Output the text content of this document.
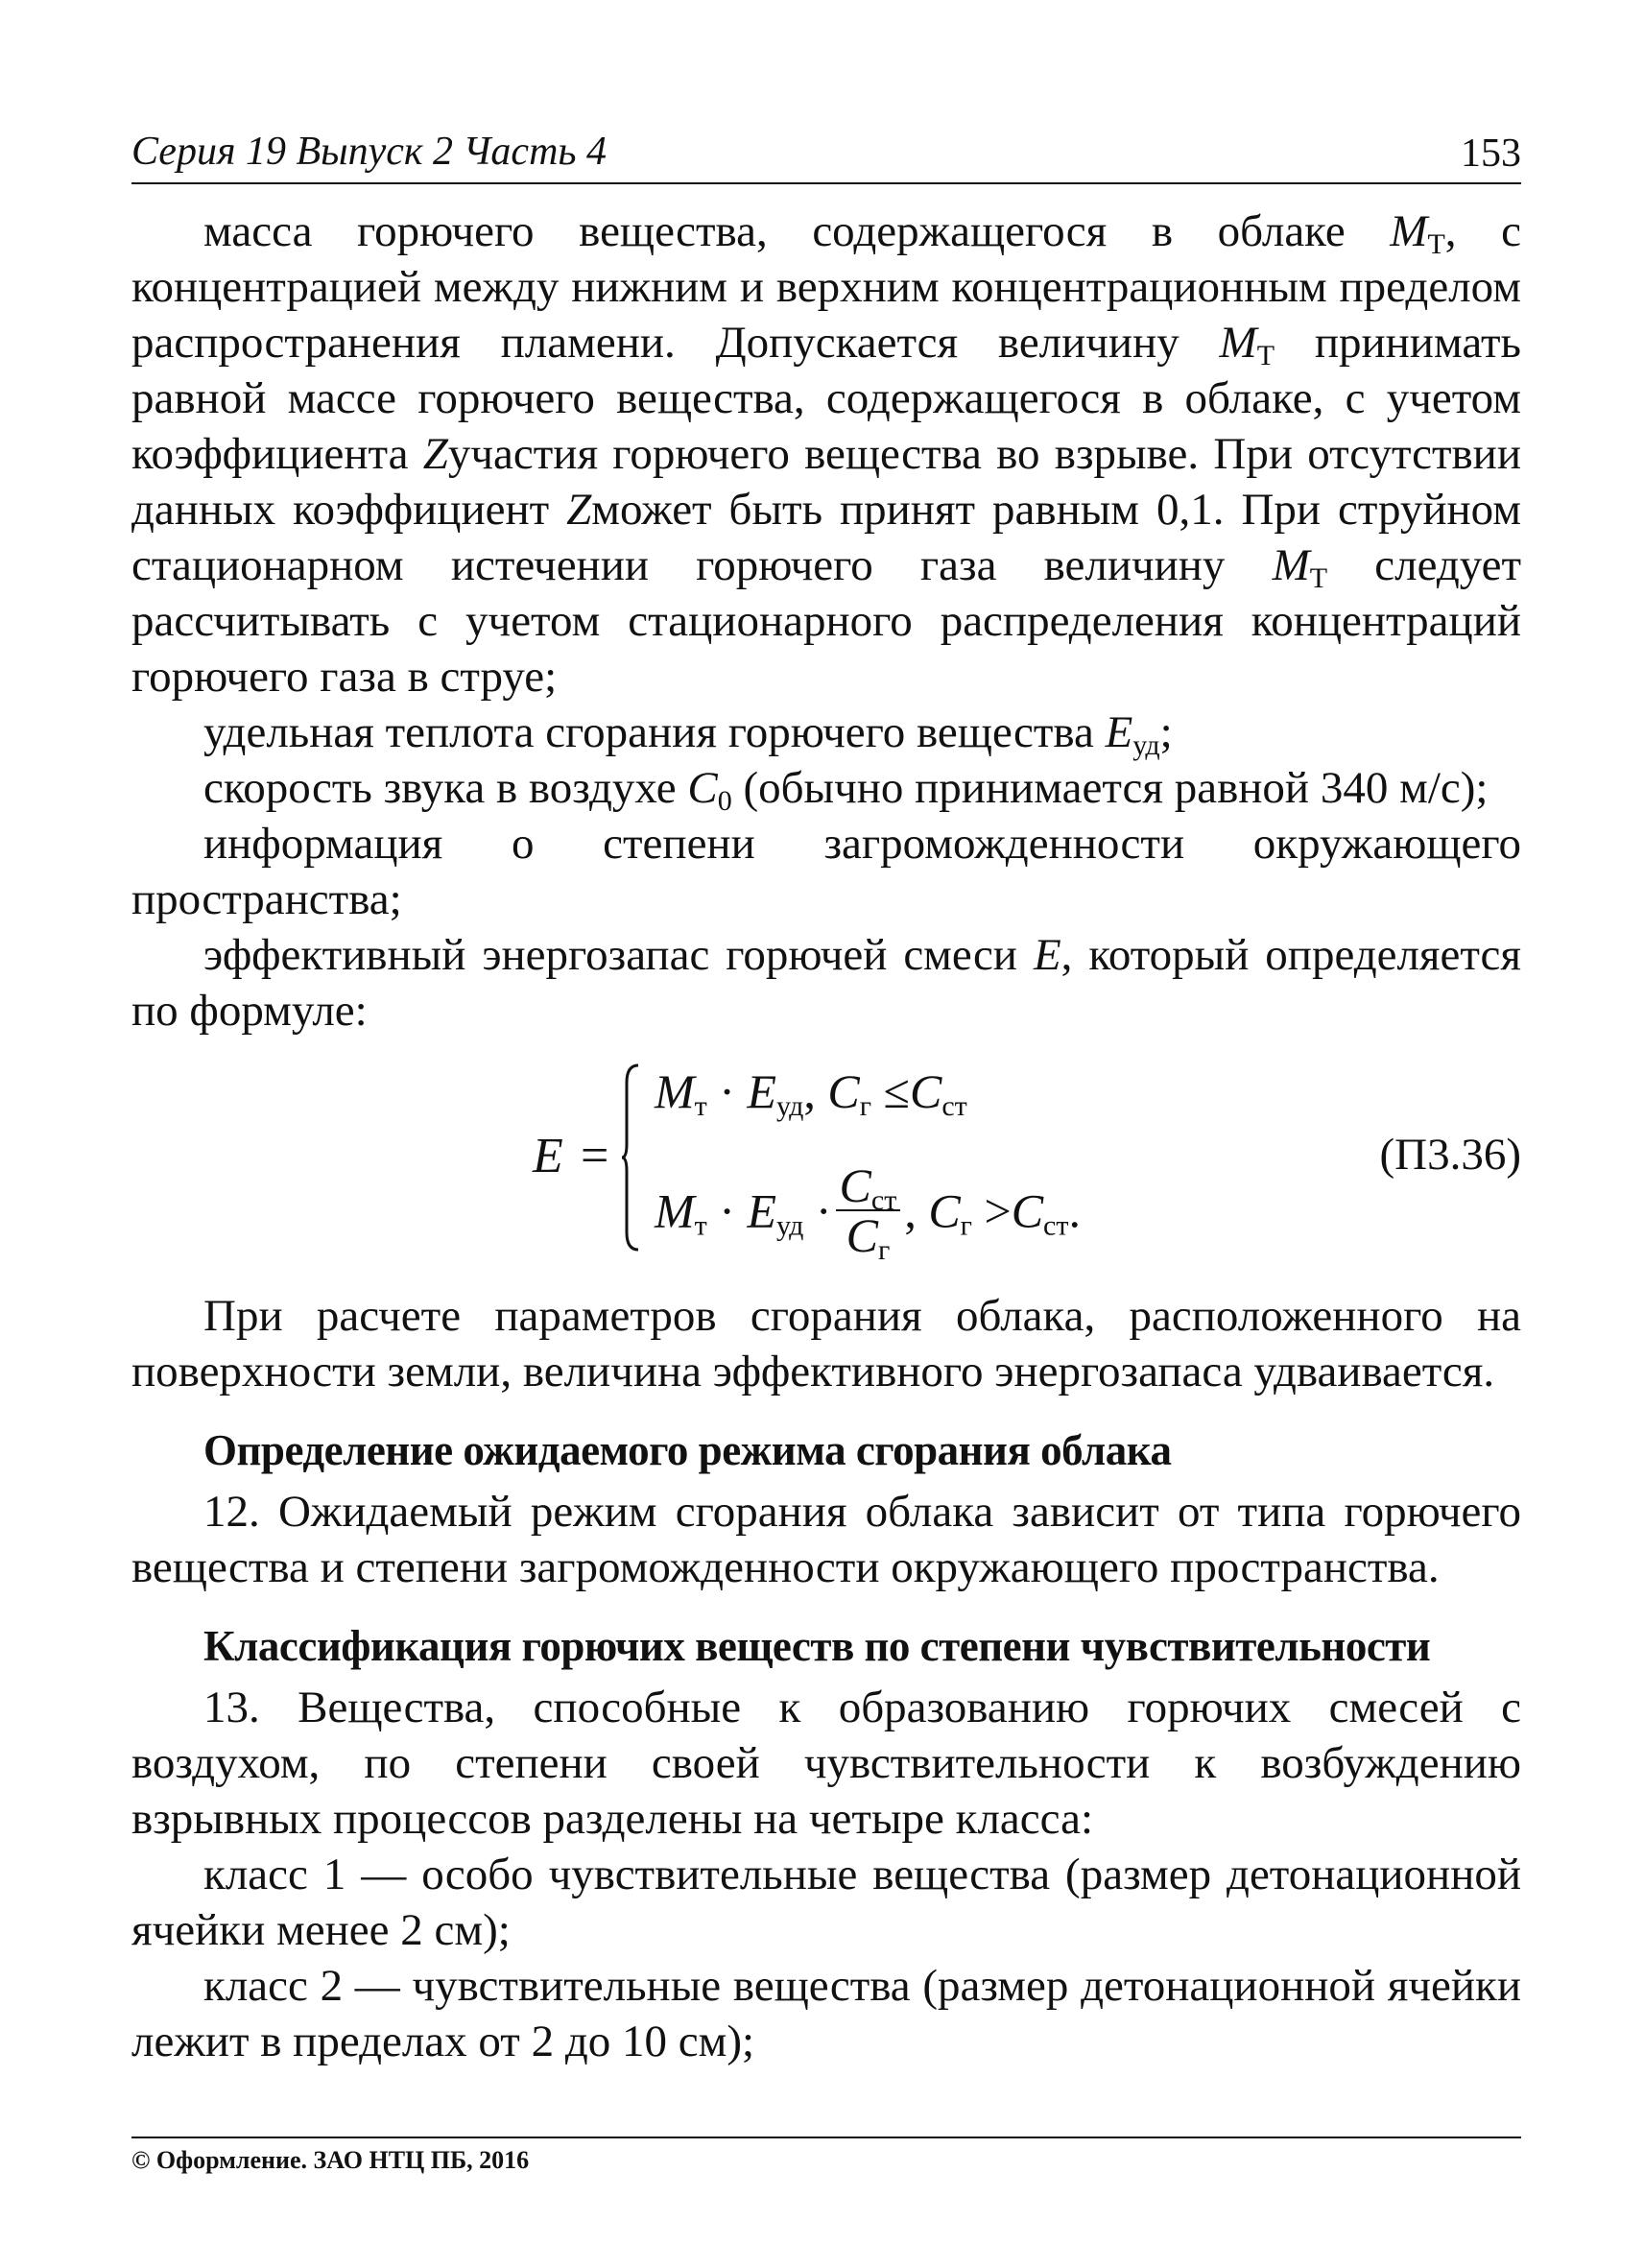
Серия 19 Выпуск 2 Часть 4	153

масса горючего вещества, содержащегося в облаке $M_Т$, с концентрацией между нижним и верхним концентрационным пределом распространения пламени. Допускается величину $M_Т$ принимать равной массе горючего вещества, содержащегося в облаке, с учетом коэффициента Zучастия горючего вещества во взрыве. При отсутствии данных коэффициент Zможет быть принят равным 0,1. При струйном стационарном истечении горючего газа величину $M_Т$ следует рассчитывать с учетом стационарного распределения концентраций горючего газа в струе;

удельная теплота сгорания горючего вещества $E_{уд}$;

скорость звука в воздухе $C_0$ (обычно принимается равной 340 м/с);

информация о степени загроможденности окружающего пространства;

эффективный энергозапас горючей смеси E, который определяется по формуле:

E =
$M_т \cdot E_{уд}$, $C_г \le C_{ст}$
$M_т \cdot E_{уд} \cdot \frac{C_{ст}}{C_г}$ , $C_г >C_{ст}$.
(П3.36)

При расчете параметров сгорания облака, расположенного на поверхности земли, величина эффективного энергозапаса удваивается.

Определение ожидаемого режима сгорания облака

12. Ожидаемый режим сгорания облака зависит от типа горючего вещества и степени загроможденности окружающего пространства.

Классификация горючих веществ по степени чувствительности

13. Вещества, способные к образованию горючих смесей с воздухом, по степени своей чувствительности к возбуждению взрывных процессов разделены на четыре класса:

класс 1 — особо чувствительные вещества (размер детонационной ячейки менее 2 см);

класс 2 — чувствительные вещества (размер детонационной ячейки лежит в пределах от 2 до 10 см);

© Оформление. ЗАО НТЦ ПБ, 2016
